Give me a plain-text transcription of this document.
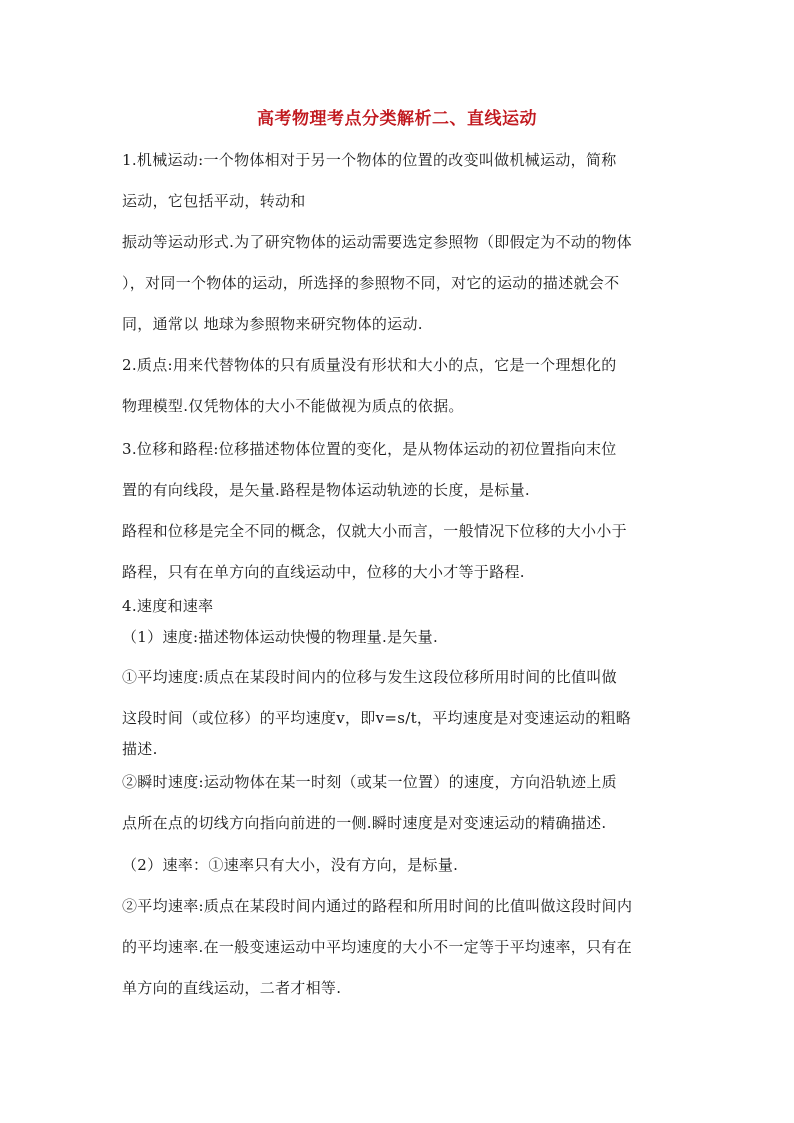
高考物理考点分类解析二、直线运动
1.机械运动:一个物体相对于另一个物体的位置的改变叫做机械运动，简称
运动，它包括平动，转动和
振动等运动形式.为了研究物体的运动需要选定参照物（即假定为不动的物体
），对同一个物体的运动，所选择的参照物不同，对它的运动的描述就会不
同，通常以 地球为参照物来研究物体的运动.
2.质点:用来代替物体的只有质量没有形状和大小的点，它是一个理想化的
物理模型.仅凭物体的大小不能做视为质点的依据。
3.位移和路程:位移描述物体位置的变化，是从物体运动的初位置指向末位
置的有向线段，是矢量.路程是物体运动轨迹的长度，是标量.
路程和位移是完全不同的概念，仅就大小而言，一般情况下位移的大小小于
路程，只有在单方向的直线运动中，位移的大小才等于路程.
4.速度和速率
（1）速度:描述物体运动快慢的物理量.是矢量.
①平均速度:质点在某段时间内的位移与发生这段位移所用时间的比值叫做
这段时间（或位移）的平均速度v，即v=s/t，平均速度是对变速运动的粗略
描述.
②瞬时速度:运动物体在某一时刻（或某一位置）的速度，方向沿轨迹上质
点所在点的切线方向指向前进的一侧.瞬时速度是对变速运动的精确描述.
（2）速率：①速率只有大小，没有方向，是标量.
②平均速率:质点在某段时间内通过的路程和所用时间的比值叫做这段时间内
的平均速率.在一般变速运动中平均速度的大小不一定等于平均速率，只有在
单方向的直线运动，二者才相等.
